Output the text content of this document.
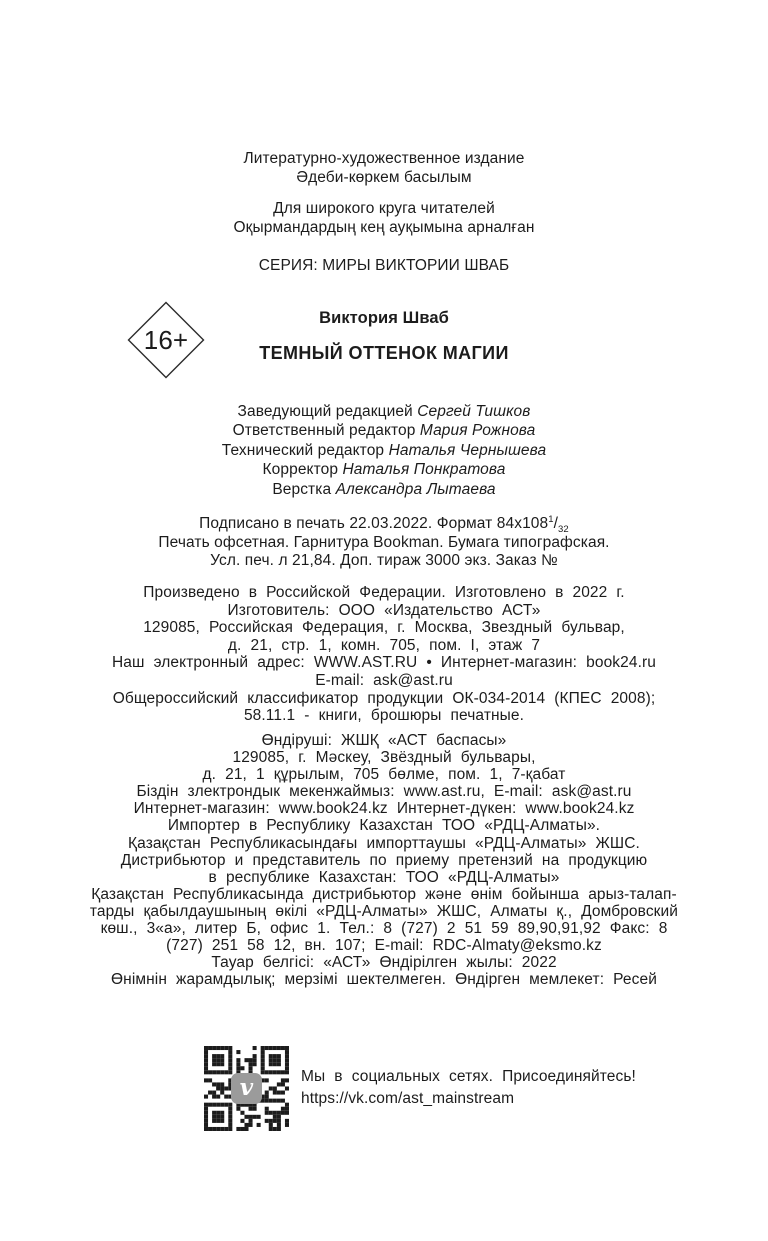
Литературно-художественное издание
Әдеби-көркем басылым
Для широкого круга читателей
Оқырмандардың кең ауқымына арналған
СЕРИЯ: МИРЫ ВИКТОРИИ ШВАБ
16+
Виктория Шваб
ТЕМНЫЙ ОТТЕНОК МАГИИ
Заведующий редакцией Сергей Тишков
Ответственный редактор Мария Рожнова
Технический редактор Наталья Чернышева
Корректор Наталья Понкратова
Верстка Александра Лытаева
Подписано в печать 22.03.2022. Формат $84x108^1/_{32}$
Печать офсетная. Гарнитура Bookman. Бумага типографская.
Усл. печ. л 21,84. Доп. тираж 3000 экз. Заказ №
Произведено в Российской Федерации. Изготовлено в 2022 г.
Изготовитель: ООО «Издательство АСТ»
129085, Российская Федерация, г. Москва, Звездный бульвар,
д. 21, стр. 1, комн. 705, пом. I, этаж 7
Наш электронный адрес: WWW.AST.RU • Интернет-магазин: book24.ru
E-mail: ask@ast.ru
Общероссийский классификатор продукции ОК-034-2014 (КПЕС 2008);
58.11.1 - книги, брошюры печатные.
Өндіруші: ЖШҚ «АСТ баспасы»
129085, г. Мәскеу, Звёздный бульвары,
д. 21, 1 құрылым, 705 бөлме, пом. 1, 7-қабат
Біздін злектрондык мекенжаймыз: www.ast.ru, E-mail: ask@ast.ru
Интернет-магазин: www.book24.kz Интернет-дүкен: www.book24.kz
Импортер в Республику Казахстан ТОО «РДЦ-Алматы».
Қазақстан Республикасындағы импорттаушы «РДЦ-Алматы» ЖШС.
Дистрибьютор и представитель по приему претензий на продукцию
в республике Казахстан: ТОО «РДЦ-Алматы»
Қазақстан Республикасында дистрибьютор және өнім бойынша арыз-талап-
тарды қабылдаушының өкілі «РДЦ-Алматы» ЖШС, Алматы қ., Домбровский
көш., 3«а», литер Б, офис 1. Тел.: 8 (727) 2 51 59 89,90,91,92 Факс: 8
(727) 251 58 12, вн. 107; E-mail: RDC-Almaty@eksmo.kz
Тауар белгісі: «АСТ» Өндірілген жылы: 2022
Өнімнін жарамдылық; мерзімі шектелмеген. Өндірген мемлекет: Ресей
v	Мы в социальных сетях. Присоединяйтесь!
https://vk.com/ast_mainstream
